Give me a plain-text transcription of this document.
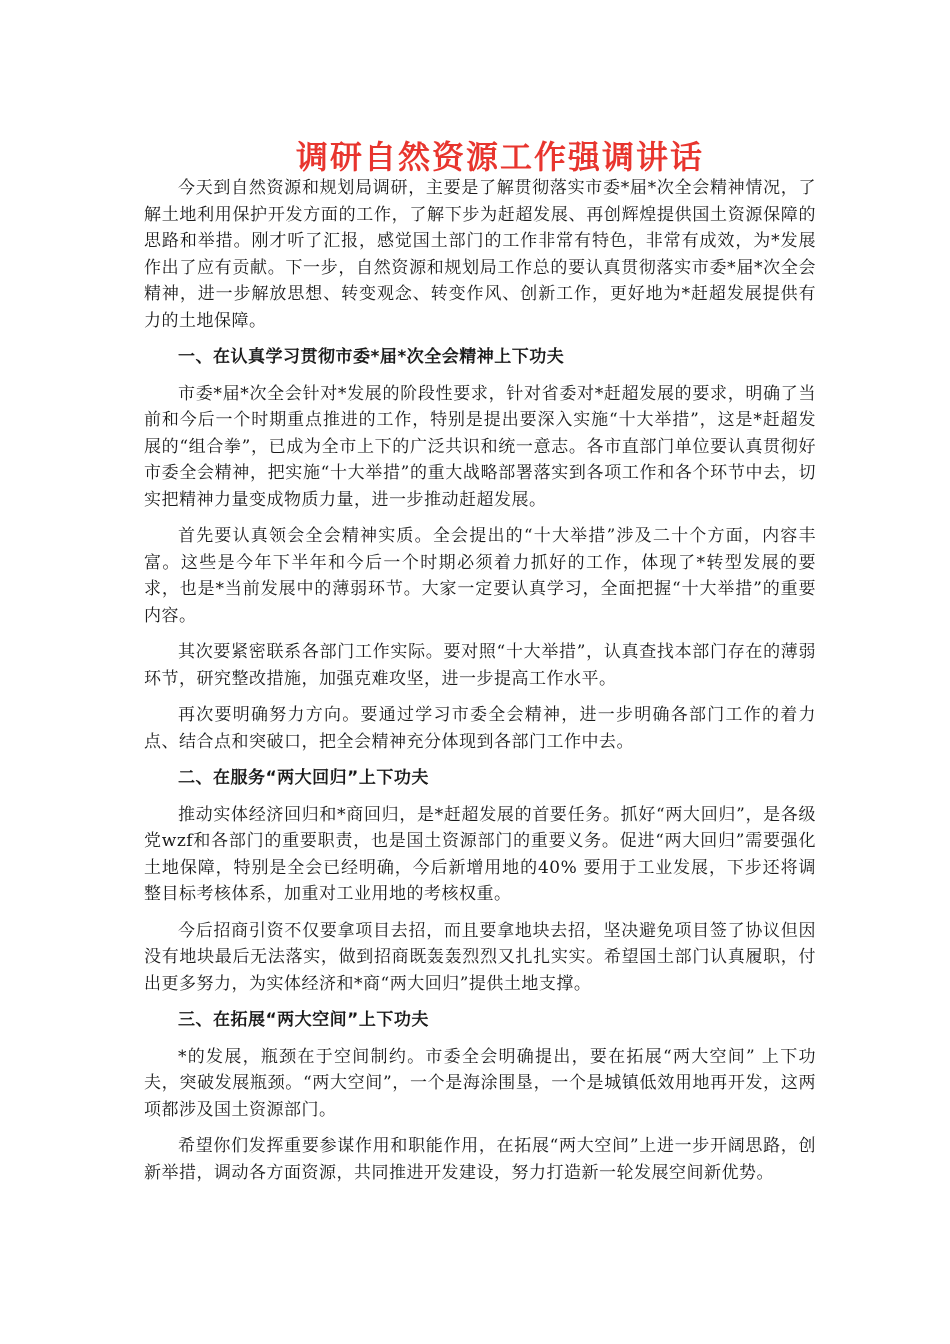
调研自然资源工作强调讲话

今天到自然资源和规划局调研，主要是了解贯彻落实市委*届*次全会精神情况，了解土地利用保护开发方面的工作，了解下步为赶超发展、再创辉煌提供国土资源保障的思路和举措。刚才听了汇报，感觉国土部门的工作非常有特色，非常有成效，为*发展作出了应有贡献。下一步，自然资源和规划局工作总的要认真贯彻落实市委*届*次全会精神，进一步解放思想、转变观念、转变作风、创新工作，更好地为*赶超发展提供有力的土地保障。

一、在认真学习贯彻市委*届*次全会精神上下功夫

市委*届*次全会针对*发展的阶段性要求，针对省委对*赶超发展的要求，明确了当前和今后一个时期重点推进的工作，特别是提出要深入实施“十大举措”，这是*赶超发展的“组合拳”，已成为全市上下的广泛共识和统一意志。各市直部门单位要认真贯彻好市委全会精神，把实施“十大举措”的重大战略部署落实到各项工作和各个环节中去，切实把精神力量变成物质力量，进一步推动赶超发展。

首先要认真领会全会精神实质。全会提出的“十大举措”涉及二十个方面，内容丰富。这些是今年下半年和今后一个时期必须着力抓好的工作，体现了*转型发展的要求，也是*当前发展中的薄弱环节。大家一定要认真学习，全面把握“十大举措”的重要内容。

其次要紧密联系各部门工作实际。要对照“十大举措”，认真查找本部门存在的薄弱环节，研究整改措施，加强克难攻坚，进一步提高工作水平。

再次要明确努力方向。要通过学习市委全会精神，进一步明确各部门工作的着力点、结合点和突破口，把全会精神充分体现到各部门工作中去。

二、在服务“两大回归”上下功夫

推动实体经济回归和*商回归，是*赶超发展的首要任务。抓好“两大回归”，是各级党wzf和各部门的重要职责，也是国土资源部门的重要义务。促进“两大回归”需要强化土地保障，特别是全会已经明确，今后新增用地的40% 要用于工业发展，下步还将调整目标考核体系，加重对工业用地的考核权重。

今后招商引资不仅要拿项目去招，而且要拿地块去招，坚决避免项目签了协议但因没有地块最后无法落实，做到招商既轰轰烈烈又扎扎实实。希望国土部门认真履职，付出更多努力，为实体经济和*商“两大回归”提供土地支撑。

三、在拓展“两大空间”上下功夫

*的发展，瓶颈在于空间制约。市委全会明确提出，要在拓展“两大空间” 上下功夫，突破发展瓶颈。“两大空间”，一个是海涂围垦，一个是城镇低效用地再开发，这两项都涉及国土资源部门。

希望你们发挥重要参谋作用和职能作用，在拓展“两大空间”上进一步开阔思路，创新举措，调动各方面资源，共同推进开发建设，努力打造新一轮发展空间新优势。
